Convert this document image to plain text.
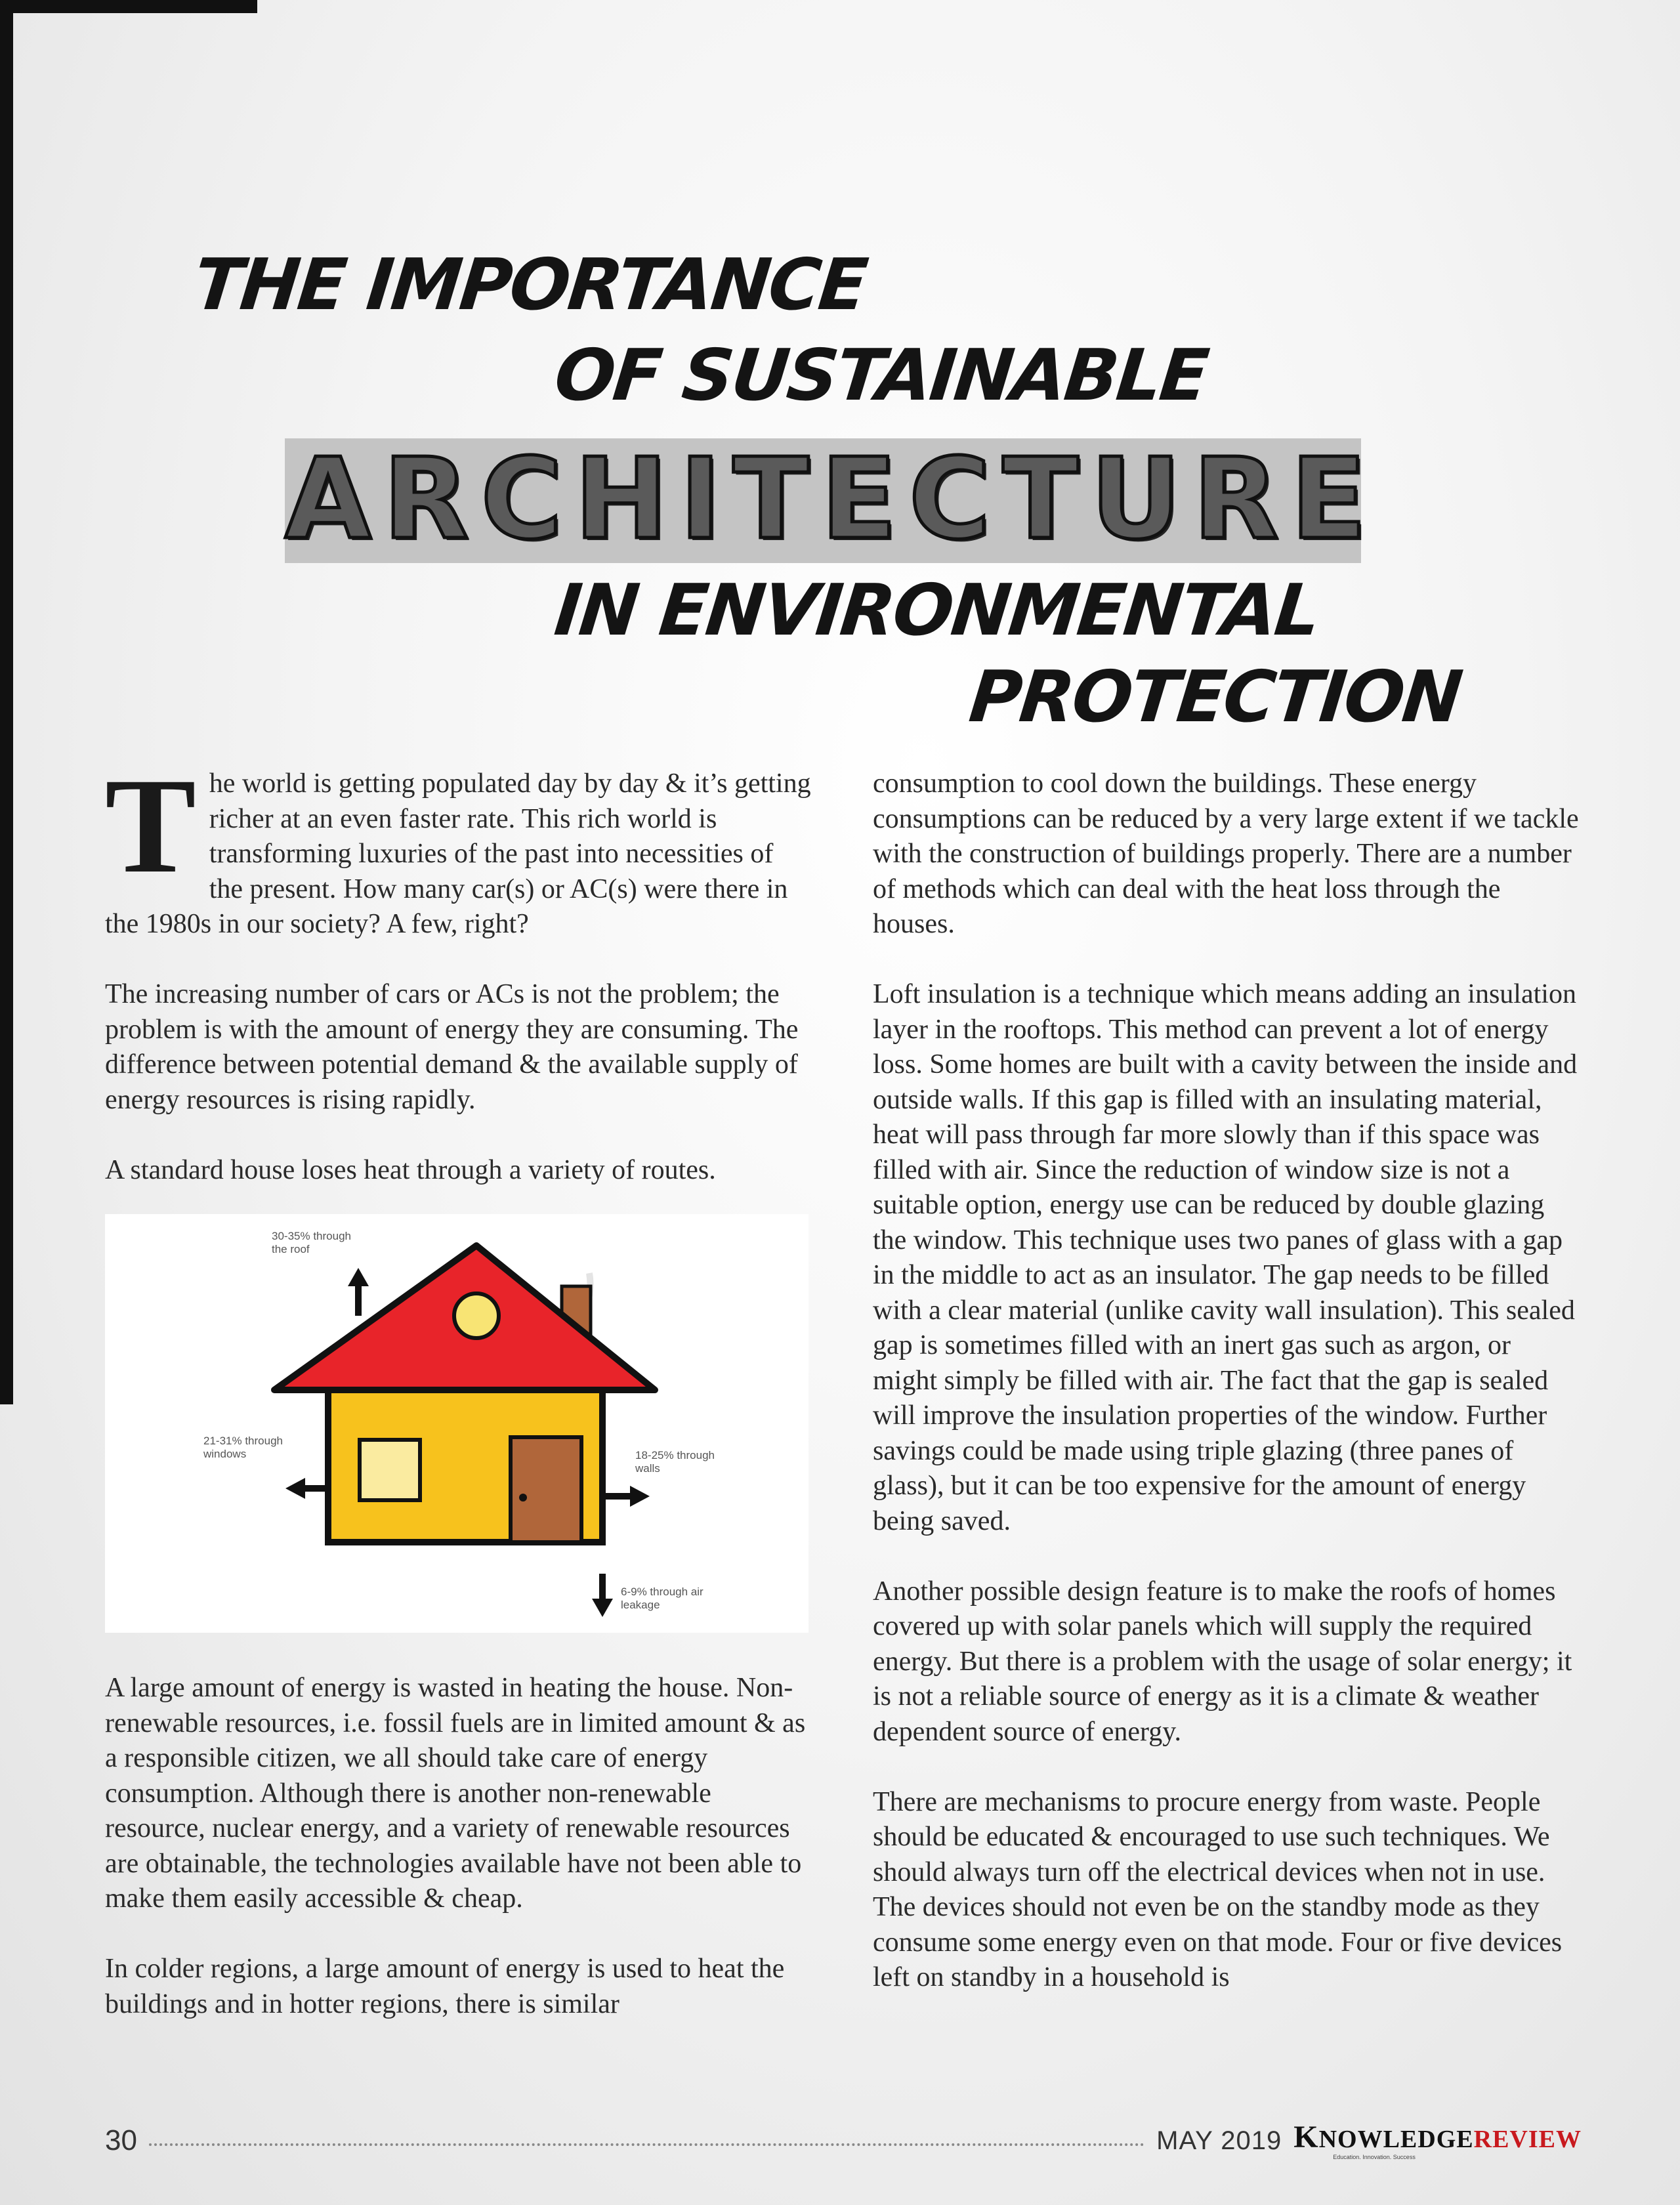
THE IMPORTANCE
OF SUSTAINABLE
ARCHITECTURE
IN ENVIRONMENTAL
PROTECTION

The world is getting populated day by day & it’s getting richer at an even faster rate. This rich world is transforming luxuries of the past into necessities of the present. How many car(s) or AC(s) were there in the 1980s in our society? A few, right?

The increasing number of cars or ACs is not the problem; the problem is with the amount of energy they are consuming. The difference between potential demand & the available supply of energy resources is rising rapidly.

A standard house loses heat through a variety of routes.

30-35% through the roof
21-31% through windows	18-25% through walls
6-9% through air leakage

A large amount of energy is wasted in heating the house. Non-renewable resources, i.e. fossil fuels are in limited amount & as a responsible citizen, we all should take care of energy consumption. Although there is another non-renewable resource, nuclear energy, and a variety of renewable resources are obtainable, the technologies available have not been able to make them easily accessible & cheap.

In colder regions, a large amount of energy is used to heat the buildings and in hotter regions, there is similar

consumption to cool down the buildings. These energy consumptions can be reduced by a very large extent if we tackle with the construction of buildings properly. There are a number of methods which can deal with the heat loss through the houses.

Loft insulation is a technique which means adding an insulation layer in the rooftops. This method can prevent a lot of energy loss. Some homes are built with a cavity between the inside and outside walls. If this gap is filled with an insulating material, heat will pass through far more slowly than if this space was filled with air. Since the reduction of window size is not a suitable option, energy use can be reduced by double glazing the window. This technique uses two panes of glass with a gap in the middle to act as an insulator. The gap needs to be filled with a clear material (unlike cavity wall insulation). This sealed gap is sometimes filled with an inert gas such as argon, or might simply be filled with air. The fact that the gap is sealed will improve the insulation properties of the window. Further savings could be made using triple glazing (three panes of glass), but it can be too expensive for the amount of energy being saved.

Another possible design feature is to make the roofs of homes covered up with solar panels which will supply the required energy. But there is a problem with the usage of solar energy; it is not a reliable source of energy as it is a climate & weather dependent source of energy.

There are mechanisms to procure energy from waste. People should be educated & encouraged to use such techniques. We should always turn off the electrical devices when not in use. The devices should not even be on the standby mode as they consume some energy even on that mode. Four or five devices left on standby in a household is

30	MAY 2019 KNOWLEDGEREVIEW
Education. Innovation. Success
